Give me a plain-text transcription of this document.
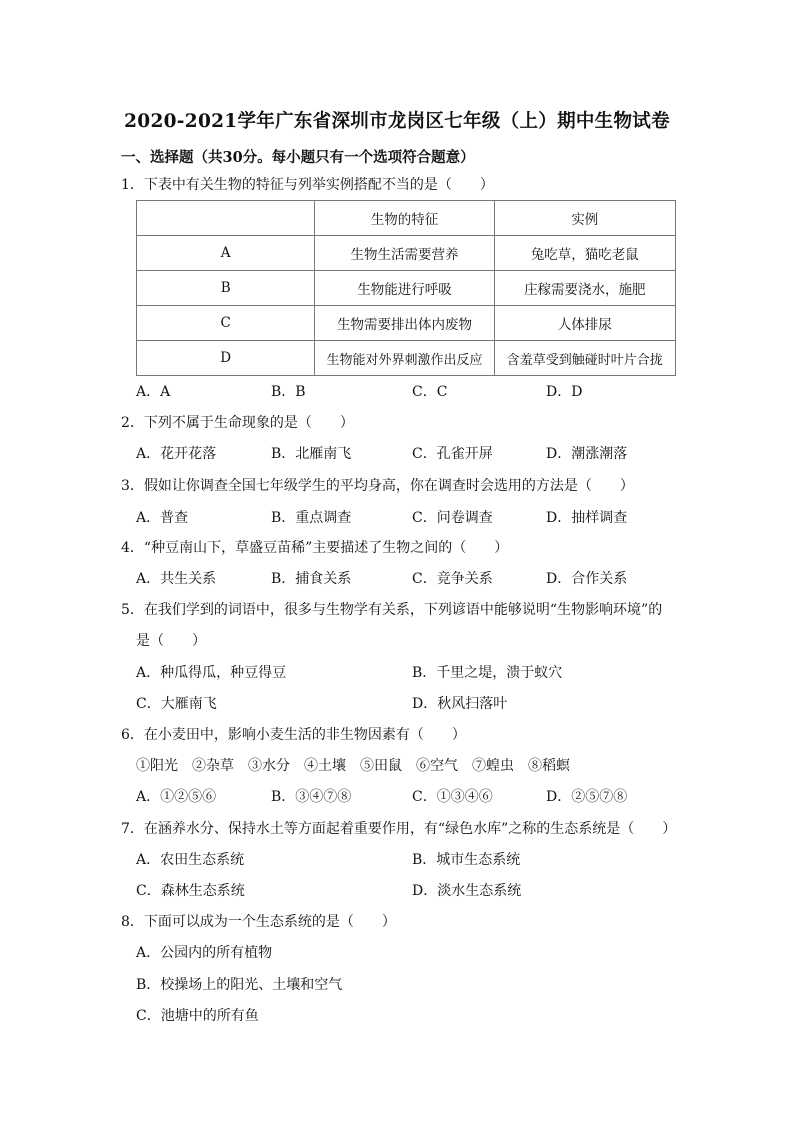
2020-2021学年广东省深圳市龙岗区七年级（上）期中生物试卷
一、选择题（共30分。每小题只有一个选项符合题意）
1．下表中有关生物的特征与列举实例搭配不当的是（　　）
	生物的特征	实例
A	生物生活需要营养	兔吃草，猫吃老鼠
B	生物能进行呼吸	庄稼需要浇水，施肥
C	生物需要排出体内废物	人体排尿
D	生物能对外界刺激作出反应	含羞草受到触碰时叶片合拢
A．A	B．B	C．C	D．D
2．下列不属于生命现象的是（　　）
A．花开花落	B．北雁南飞	C．孔雀开屏	D．潮涨潮落
3．假如让你调查全国七年级学生的平均身高，你在调查时会选用的方法是（　　）
A．普查	B．重点调查	C．问卷调查	D．抽样调查
4．“种豆南山下，草盛豆苗稀”主要描述了生物之间的（　　）
A．共生关系	B．捕食关系	C．竞争关系	D．合作关系
5．在我们学到的词语中，很多与生物学有关系，下列谚语中能够说明“生物影响环境”的
是（　　）
A．种瓜得瓜，种豆得豆	B．千里之堤，溃于蚁穴
C．大雁南飞	D．秋风扫落叶
6．在小麦田中，影响小麦生活的非生物因素有（　　）
①阳光　②杂草　③水分　④土壤　⑤田鼠　⑥空气　⑦蝗虫　⑧稻螟
A．①②⑤⑥	B．③④⑦⑧	C．①③④⑥	D．②⑤⑦⑧
7．在涵养水分、保持水土等方面起着重要作用，有“绿色水库”之称的生态系统是（　　）
A．农田生态系统	B．城市生态系统
C．森林生态系统	D．淡水生态系统
8．下面可以成为一个生态系统的是（　　）
A．公园内的所有植物
B．校操场上的阳光、土壤和空气
C．池塘中的所有鱼
